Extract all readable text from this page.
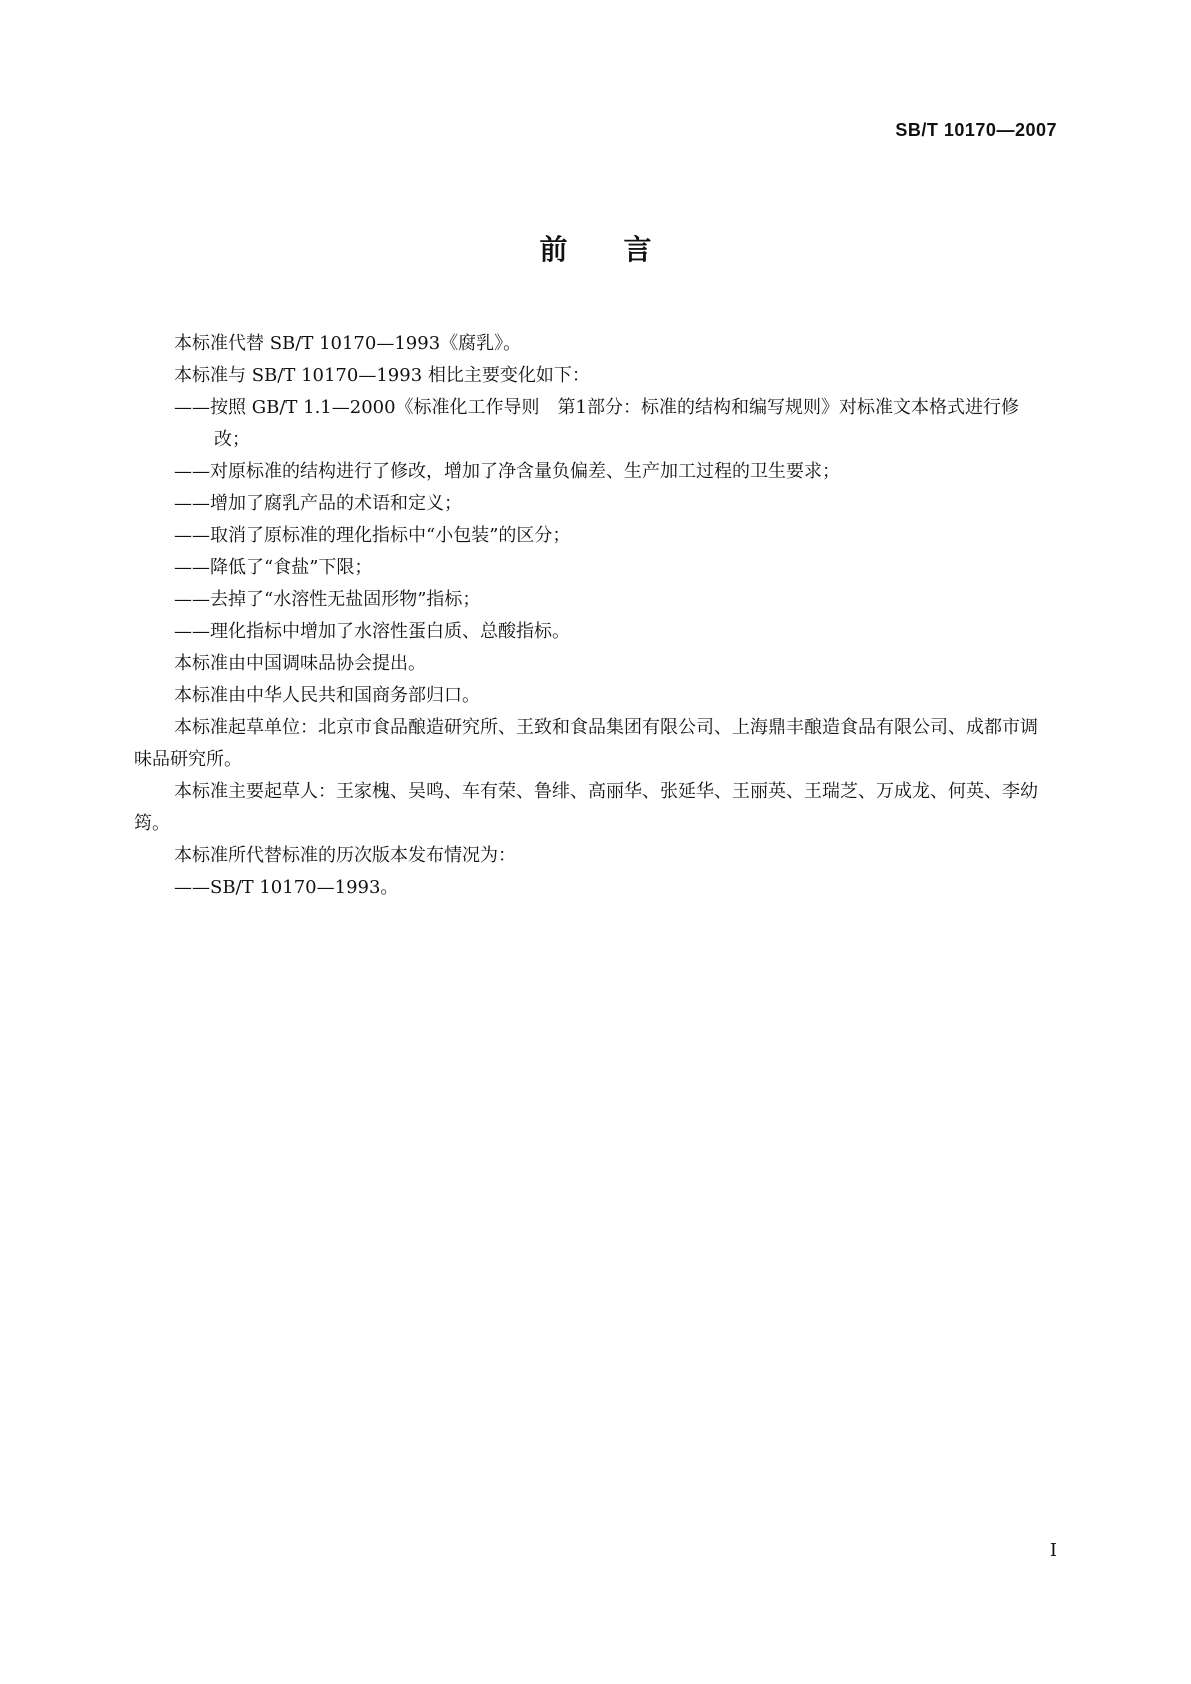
SB/T 10170—2007
前言

本标准代替 SB/T 10170—1993《腐乳》。

本标准与 SB/T 10170—1993 相比主要变化如下：

——按照 GB/T 1.1—2000《标准化工作导则　第1部分：标准的结构和编写规则》对标准文本格式进行修改；

——对原标准的结构进行了修改，增加了净含量负偏差、生产加工过程的卫生要求；

——增加了腐乳产品的术语和定义；

——取消了原标准的理化指标中“小包装”的区分；

——降低了“食盐”下限；

——去掉了“水溶性无盐固形物”指标；

——理化指标中增加了水溶性蛋白质、总酸指标。

本标准由中国调味品协会提出。

本标准由中华人民共和国商务部归口。

本标准起草单位：北京市食品酿造研究所、王致和食品集团有限公司、上海鼎丰酿造食品有限公司、成都市调味品研究所。

本标准主要起草人：王家槐、吴鸣、车有荣、鲁绯、高丽华、张延华、王丽英、王瑞芝、万成龙、何英、李幼筠。

本标准所代替标准的历次版本发布情况为：

——SB/T 10170—1993。

I
